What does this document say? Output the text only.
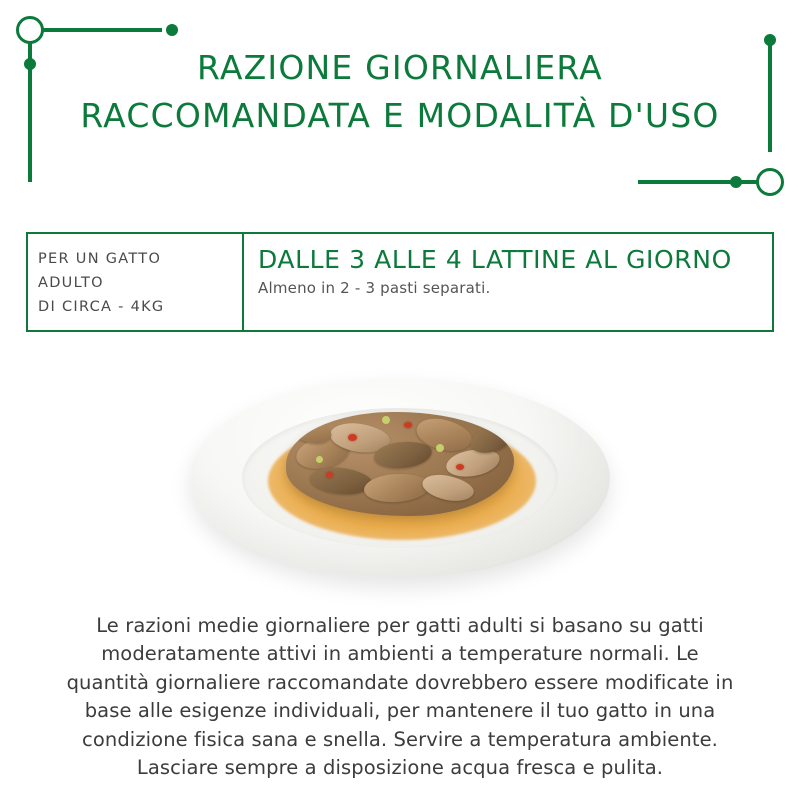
RAZIONE GIORNALIERA
RACCOMANDATA E MODALITÀ D'USO
PER UN GATTO ADULTO
DI CIRCA - 4KG
DALLE 3 ALLE 4 LATTINE AL GIORNO
Almeno in 2 - 3 pasti separati.
Le razioni medie giornaliere per gatti adulti si basano su gatti moderatamente attivi in ambienti a temperature normali. Le quantità giornaliere raccomandate dovrebbero essere modificate in base alle esigenze individuali, per mantenere il tuo gatto in una condizione fisica sana e snella. Servire a temperatura ambiente. Lasciare sempre a disposizione acqua fresca e pulita.
